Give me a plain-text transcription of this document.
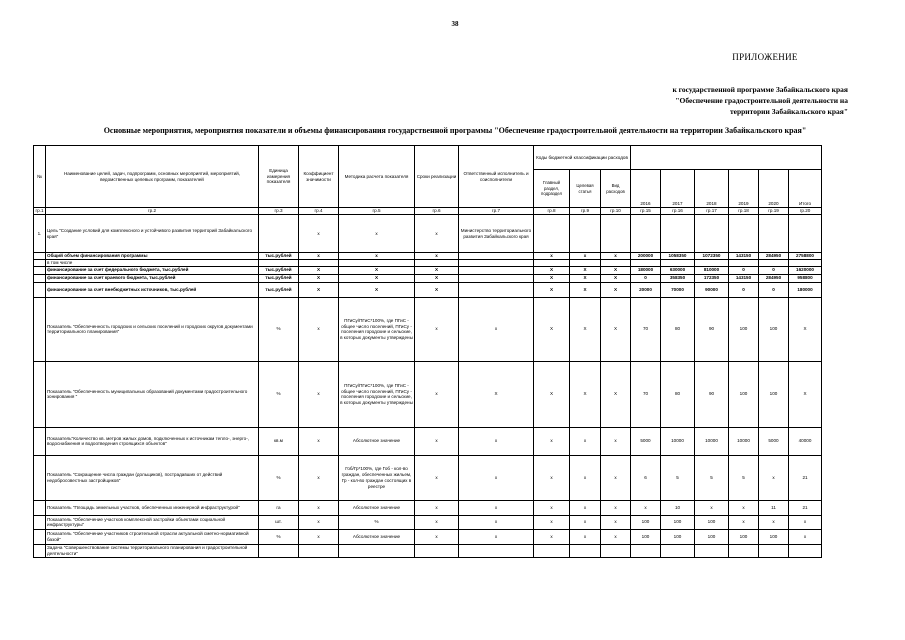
38
ПРИЛОЖЕНИЕ
к государственной программе Забайкальского края
"Обеспечение градостроительной деятельности на
территории Забайкальского края"
Основные мероприятия, мероприятия показатели и объемы финансирования государственной программы "Обеспечение градостроительной деятельности на территории Забайкальского края"
№	Наименование целей, задач, подпрограмм, основных мероприятий, мероприятий, ведомственных целевых программ, показателей	Единица измерения показателя	Коэффициент значимости	Методика расчета показателя	Сроки реализации	Ответственный исполнитель и соисполнители	Коды бюджетной классификации расходов								
							Главный раздел, подраздел	Целевая статья	Вид расходов	2016	2017	2018	2019	2020	Итого
гр.1	гр.2	гр.3	гр.4	гр.5	гр.6	гр.7	гр.8	гр.9	гр.10	гр.15	гр.16	гр.17	гр.18	гр.19	гр.20
1.	Цель "Создание условий для комплексного и устойчивого развития территорий Забайкальского края"		х	х	х	Министерство территориального развития Забайкальского края									
	Общий объем финансирования программы	тыс.рублей	х	х	х		х	х	х	200000	1058350	1072350	143150	284950	2758800
	в том числе														
	финансирование за счет федерального бюджета, тыс.рублей	тыс.рублей	Х	Х	Х		Х	Х	Х	180000	630000	810000	0	0	1620000
	финансирование за счет краевого бюджета, тыс.рублей	тыс.рублей	Х	Х	Х		Х	Х	Х	0	358350	172350	143150	284950	958800
	финансирование за счет внебюджетных источников, тыс.рублей	тыс.рублей	Х	Х	Х		Х	Х	Х	20000	70000	90000	0	0	180000
	Показатель "Обеспеченность городских и сельских поселений и городских округов документами территориального планирования"	%	х	ПГиСу/ПГиС*100%, где ПГиС - общее число поселений, ПГиСу - поселения городские и сельские, в которых документы утверждены	х	х	Х	Х	Х	70	80	90	100	100	Х
	Показатель "Обеспеченность муниципальных образований документами градостроительного зонирования "	%	х	ПГиСу/ПГиС*100%, где ПГиС - общее число поселений, ПГиСу - поселения городские и сельские, в которых документы утверждены	х	Х	Х	Х	Х	70	80	90	100	100	Х
	Показатель"Количество кв. метров жилых домов, подключенных к источникам тепло-, энерго-, водоснабжения и водоотведения строящихся объектов"	кв.м	х	Абсолютное значение	х	х	х	х	х	5000	10000	10000	10000	5000	40000
	Показатель "Сокращение числа граждан (дольщиков), пострадавших от действий недобросовестных застройщиков"	%	х	Гоб/Гр*100%, где Гоб - кол-во граждан, обеспеченных жильем, Гр - кол-во граждан состоящих в реестре	х	х	х	х	х	6	5	5	5	х	21
	Показатель "Площадь земельных участков, обеспеченных инженерной инфраструктурой"	га	х	Абсолютное значение	х	х	х	х	х	х	10	х	х	11	21
	Показатель "Обеспечение участков комплексной застройки объектами социальной инфраструктуры"	шт.	х	%	х	х	х	х	х	100	100	100	х	х	х
	Показатель "Обеспечение участников строительной отрасли актуальной сметно-нормативной базой"	%	х	Абсолютное значение	х	х	х	х	х	100	100	100	100	100	х
	Задача "Совершенствование системы территориального планирования и градостроительной деятельности"														
